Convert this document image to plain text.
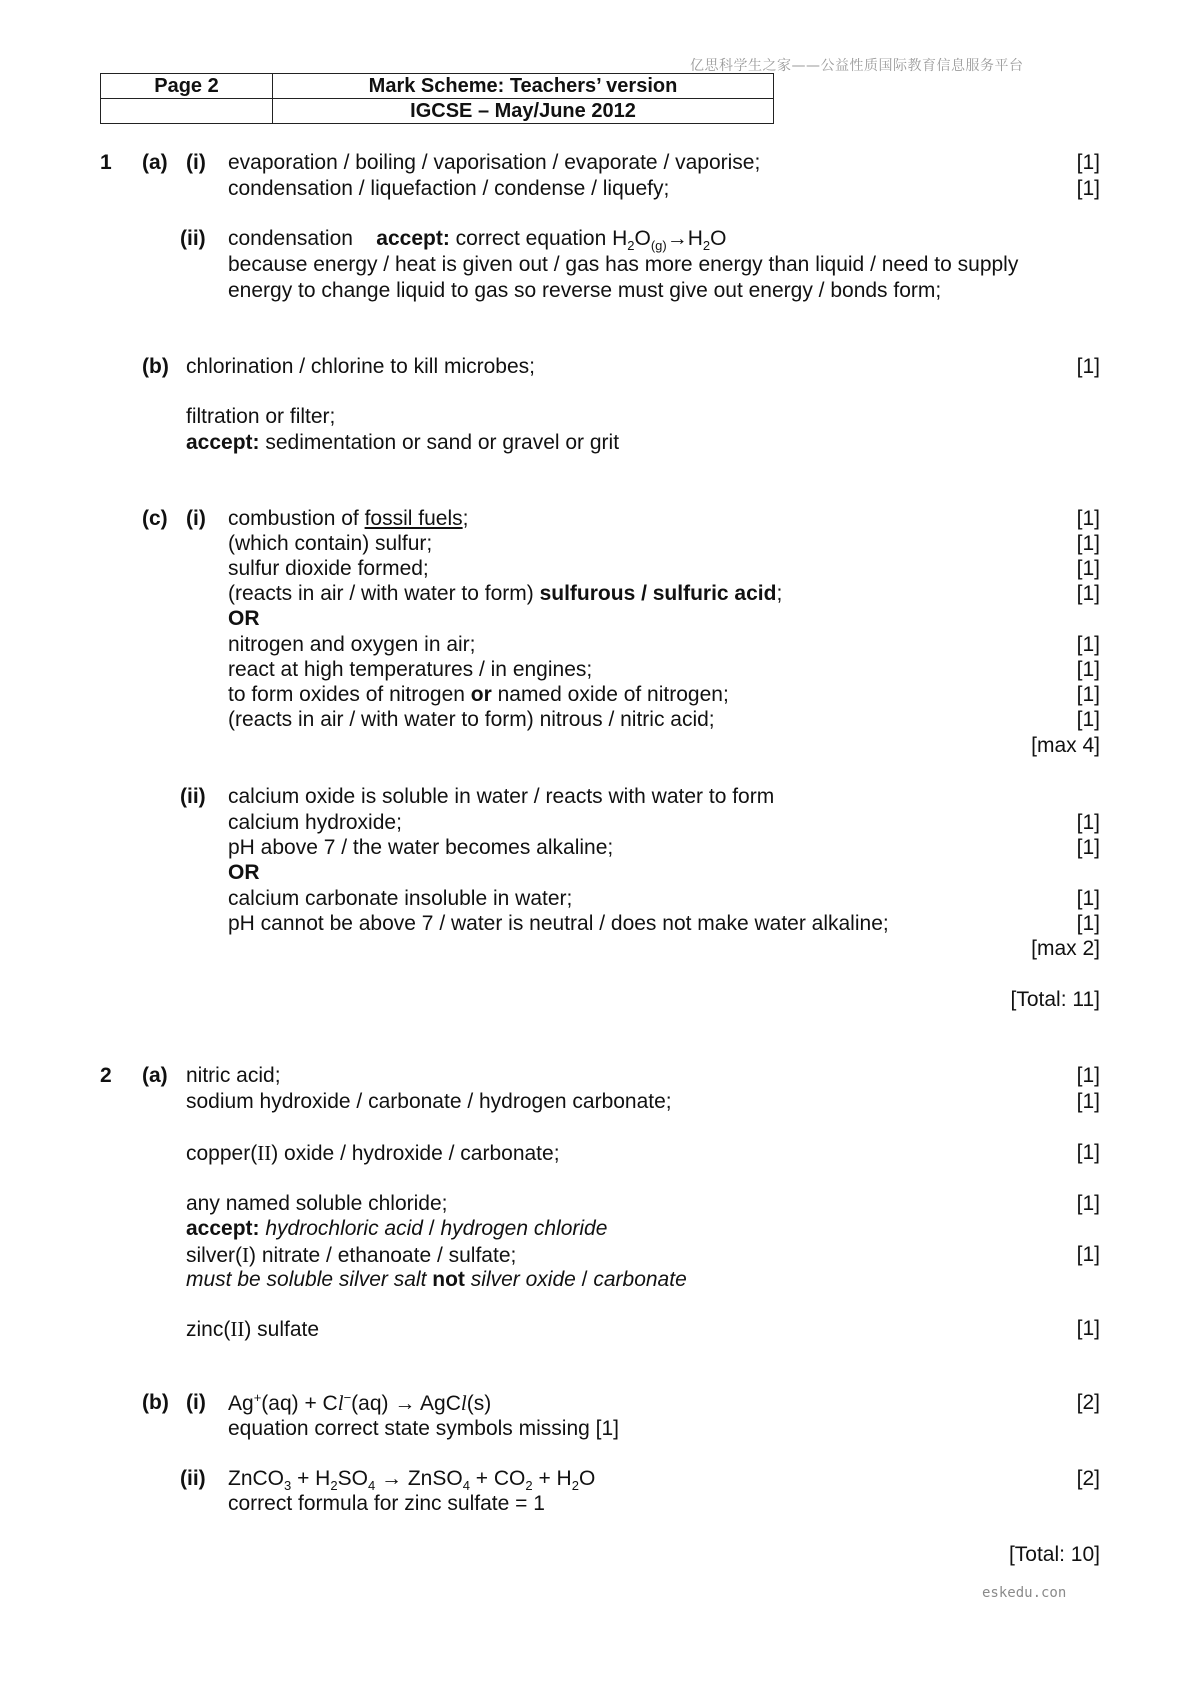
亿思科学生之家——公益性质国际教育信息服务平台
Page 2	Mark Scheme: Teachers’ version
	IGCSE – May/June 2012
1 (a) (i) evaporation / boiling / vaporisation / evaporate / vaporise;	[1]
condensation / liquefaction / condense / liquefy;	[1]
(ii) condensation accept: correct equation $H_2O_{(g)}\to H_2O$
because energy / heat is given out / gas has more energy than liquid / need to supply
energy to change liquid to gas so reverse must give out energy / bonds form;
(b) chlorination / chlorine to kill microbes;	[1]
filtration or filter;
accept: sedimentation or sand or gravel or grit
(c) (i) combustion of fossil fuels;	[1]
(which contain) sulfur;	[1]
sulfur dioxide formed;	[1]
(reacts in air / with water to form) sulfurous / sulfuric acid;	[1]
OR
nitrogen and oxygen in air;	[1]
react at high temperatures / in engines;	[1]
to form oxides of nitrogen or named oxide of nitrogen;	[1]
(reacts in air / with water to form) nitrous / nitric acid;	[1]
[max 4]
(ii) calcium oxide is soluble in water / reacts with water to form
calcium hydroxide;	[1]
pH above 7 / the water becomes alkaline;	[1]
OR
calcium carbonate insoluble in water;	[1]
pH cannot be above 7 / water is neutral / does not make water alkaline;	[1]
[max 2]
[Total: 11]
2 (a) nitric acid;	[1]
sodium hydroxide / carbonate / hydrogen carbonate;	[1]
copper(II) oxide / hydroxide / carbonate;	[1]
any named soluble chloride;	[1]
accept: hydrochloric acid / hydrogen chloride
silver(I) nitrate / ethanoate / sulfate;	[1]
must be soluble silver salt not silver oxide / carbonate
zinc(II) sulfate	[1]
(b) (i) Ag+(aq) + Cl−(aq) → AgCl(s)	[2]
equation correct state symbols missing [1]
(ii) ZnCO$_3$ + $H_2SO_4$ → ZnSO$_4$ + $CO_2 + H_2O$	[2]
correct formula for zinc sulfate = 1
[Total: 10]
eskedu.con
